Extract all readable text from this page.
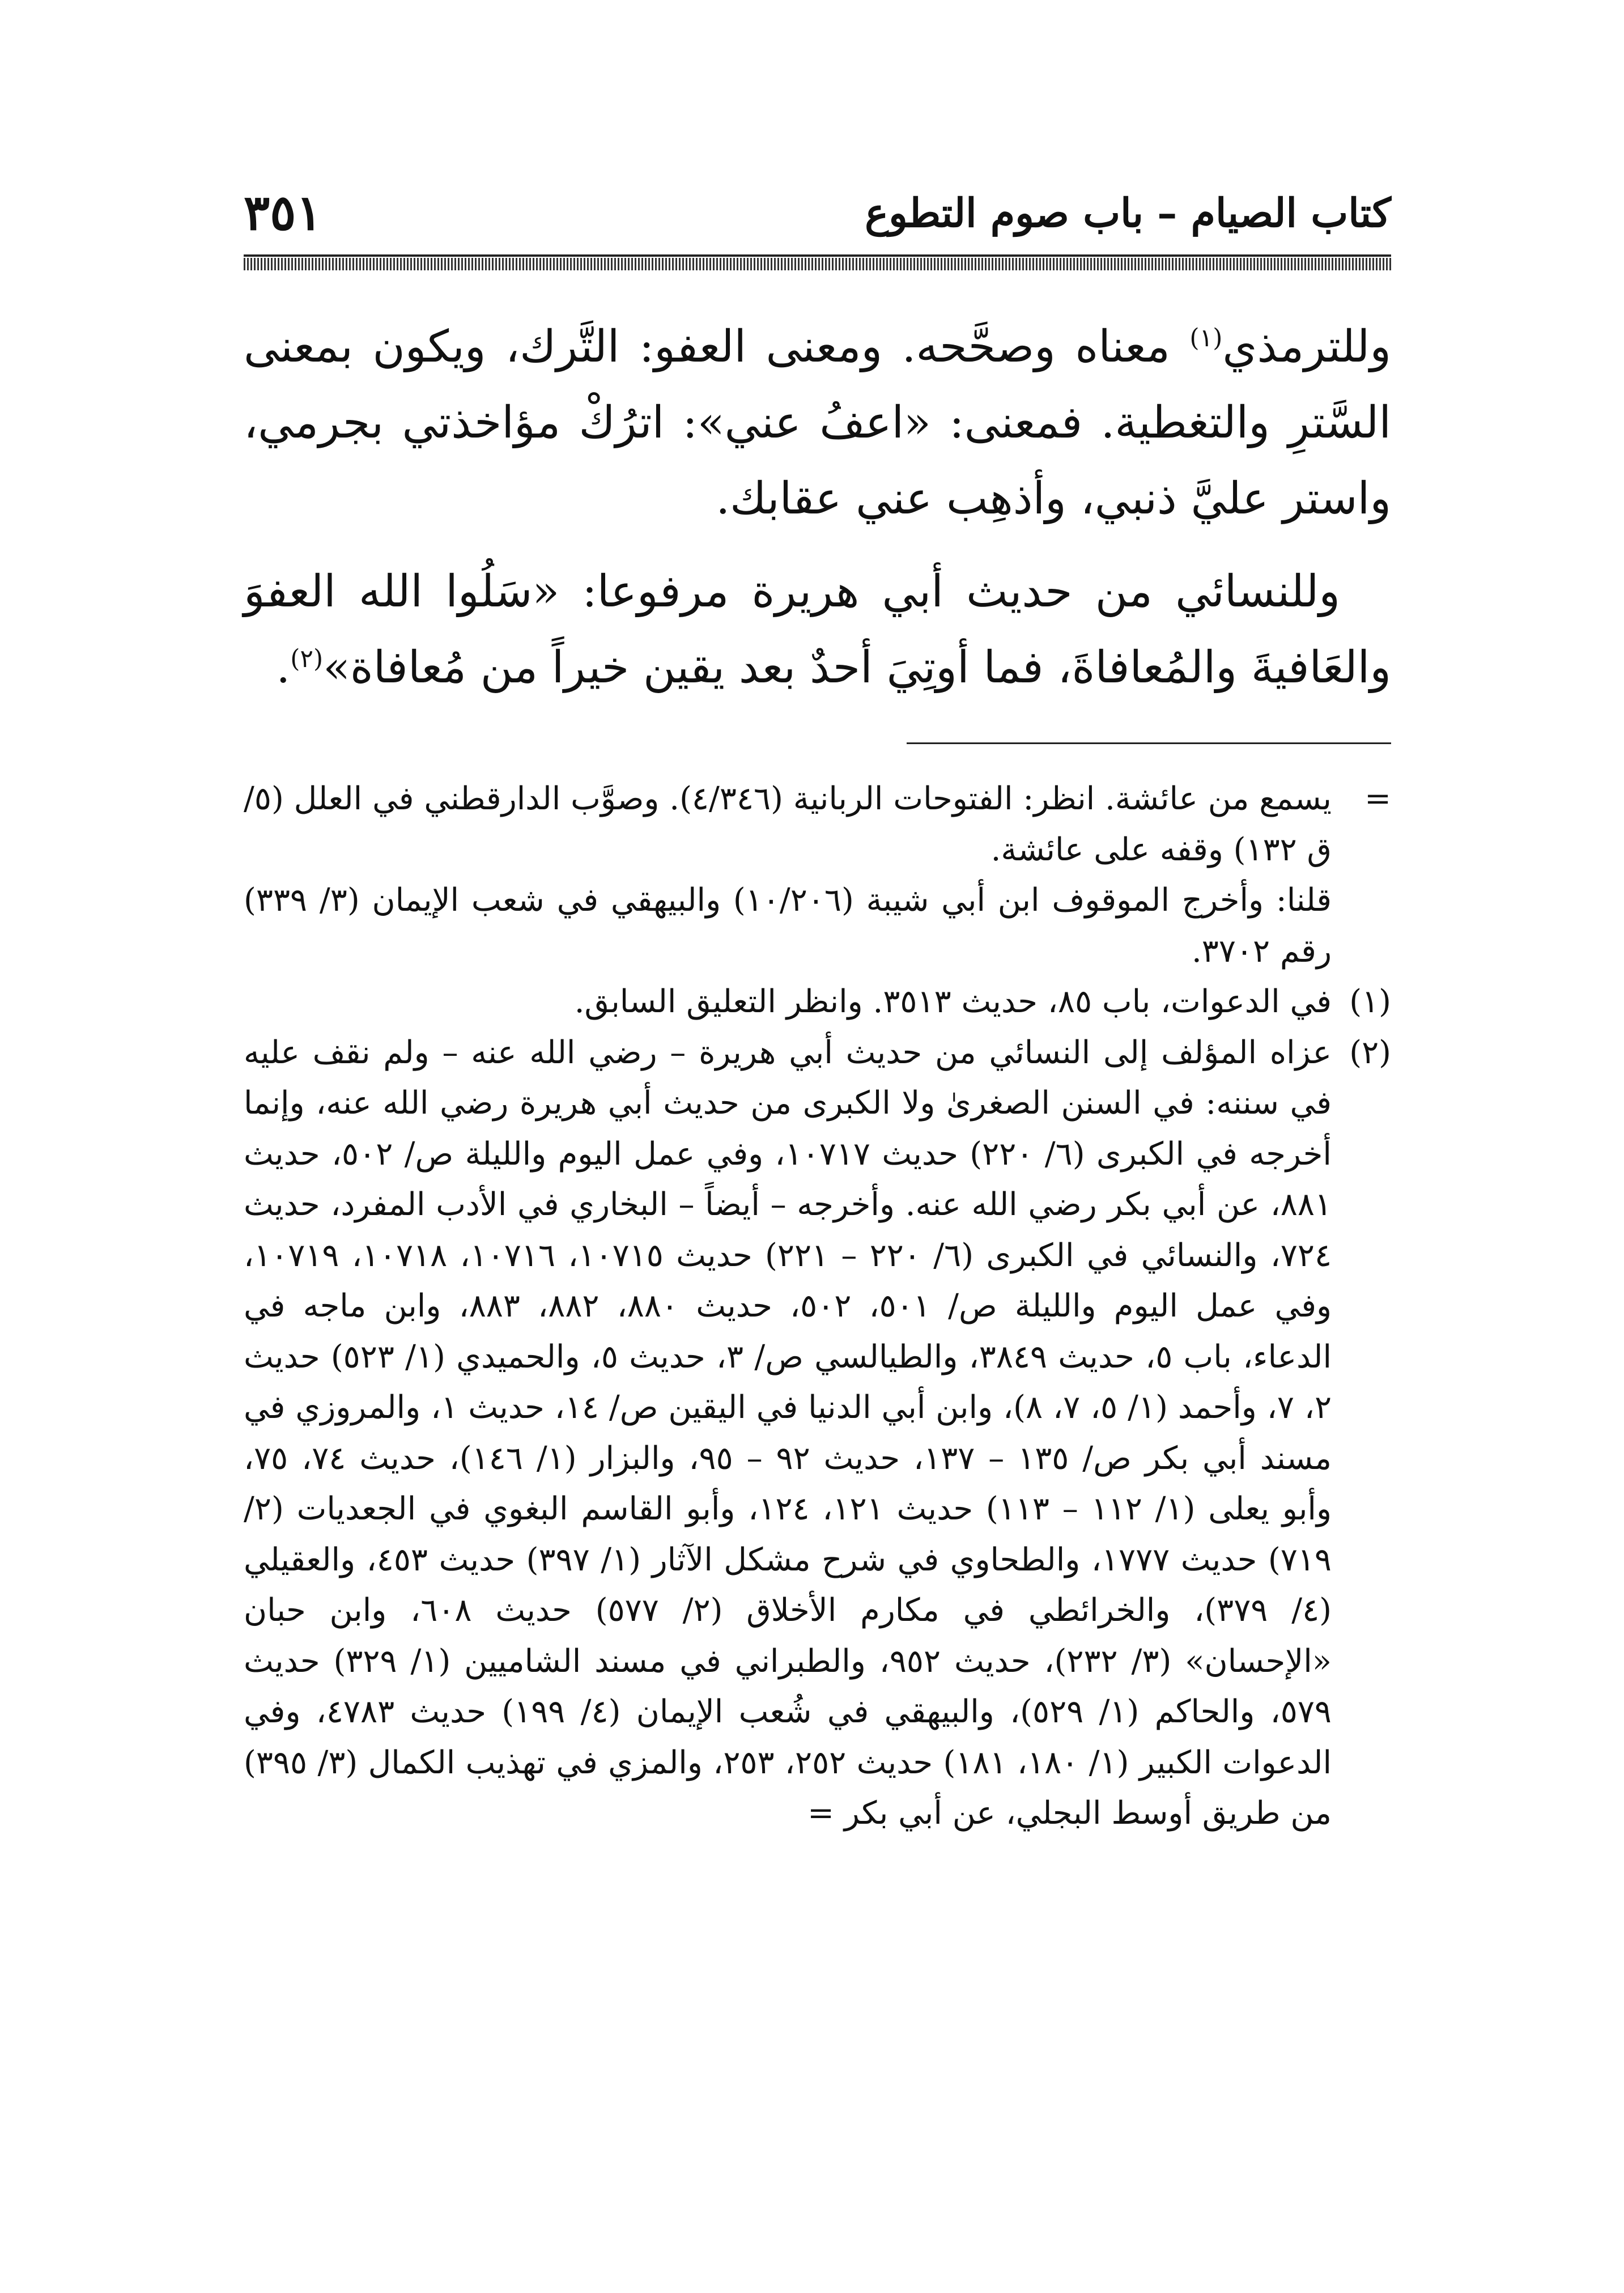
كتاب الصيام – باب صوم التطوع
٣٥١

وللترمذي$^{(١)}$ معناه وصحَّحه. ومعنى العفو: التَّرك، ويكون بمعنى السَّترِ والتغطية. فمعنى: «اعفُ عني»: اترُكْ مؤاخذتي بجرمي، واستر عليَّ ذنبي، وأذهِب عني عقابك.

وللنسائي من حديث أبي هريرة مرفوعا: «سَلُوا الله العفوَ والعَافيةَ والمُعافاةَ، فما أوتِيَ أحدٌ بعد يقين خيراً من مُعافاة»$^{(٢)}$.

=

يسمع من عائشة. انظر: الفتوحات الربانية (٤/٣٤٦). وصوَّب الدارقطني في العلل (٥/ق ١٣٢) وقفه على عائشة.

قلنا: وأخرج الموقوف ابن أبي شيبة (١٠/٢٠٦) والبيهقي في شعب الإيمان (٣/ ٣٣٩) رقم ٣٧٠٢.

(١)

في الدعوات، باب ٨٥، حديث ٣٥١٣. وانظر التعليق السابق.

(٢)

عزاه المؤلف إلى النسائي من حديث أبي هريرة – رضي الله عنه – ولم نقف عليه في سننه: في السنن الصغرىٰ ولا الكبرى من حديث أبي هريرة رضي الله عنه، وإنما أخرجه في الكبرى (٦/ ٢٢٠) حديث ١٠٧١٧، وفي عمل اليوم والليلة ص/ ٥٠٢، حديث ٨٨١، عن أبي بكر رضي الله عنه. وأخرجه – أيضاً – البخاري في الأدب المفرد، حديث ٧٢٤، والنسائي في الكبرى (٦/ ٢٢٠ – ٢٢١) حديث ١٠٧١٥، ١٠٧١٦، ١٠٧١٨، ١٠٧١٩، وفي عمل اليوم والليلة ص/ ٥٠١، ٥٠٢، حديث ٨٨٠، ٨٨٢، ٨٨٣، وابن ماجه في الدعاء، باب ٥، حديث ٣٨٤٩، والطيالسي ص/ ٣، حديث ٥، والحميدي (١/ ٥٢٣) حديث ٢، ٧، وأحمد (١/ ٥، ٧، ٨)، وابن أبي الدنيا في اليقين ص/ ١٤، حديث ١، والمروزي في مسند أبي بكر ص/ ١٣٥ – ١٣٧، حديث ٩٢ – ٩٥، والبزار (١/ ١٤٦)، حديث ٧٤، ٧٥، وأبو يعلى (١/ ١١٢ – ١١٣) حديث ١٢١، ١٢٤، وأبو القاسم البغوي في الجعديات (٢/ ٧١٩) حديث ١٧٧٧، والطحاوي في شرح مشكل الآثار (١/ ٣٩٧) حديث ٤٥٣، والعقيلي (٤/ ٣٧٩)، والخرائطي في مكارم الأخلاق (٢/ ٥٧٧) حديث ٦٠٨، وابن حبان «الإحسان» (٣/ ٢٣٢)، حديث ٩٥٢، والطبراني في مسند الشاميين (١/ ٣٢٩) حديث ٥٧٩، والحاكم (١/ ٥٢٩)، والبيهقي في شُعب الإيمان (٤/ ١٩٩) حديث ٤٧٨٣، وفي الدعوات الكبير (١/ ١٨٠، ١٨١) حديث ٢٥٢، ٢٥٣، والمزي في تهذيب الكمال (٣/ ٣٩٥) من طريق أوسط البجلي، عن أبي بكر =
